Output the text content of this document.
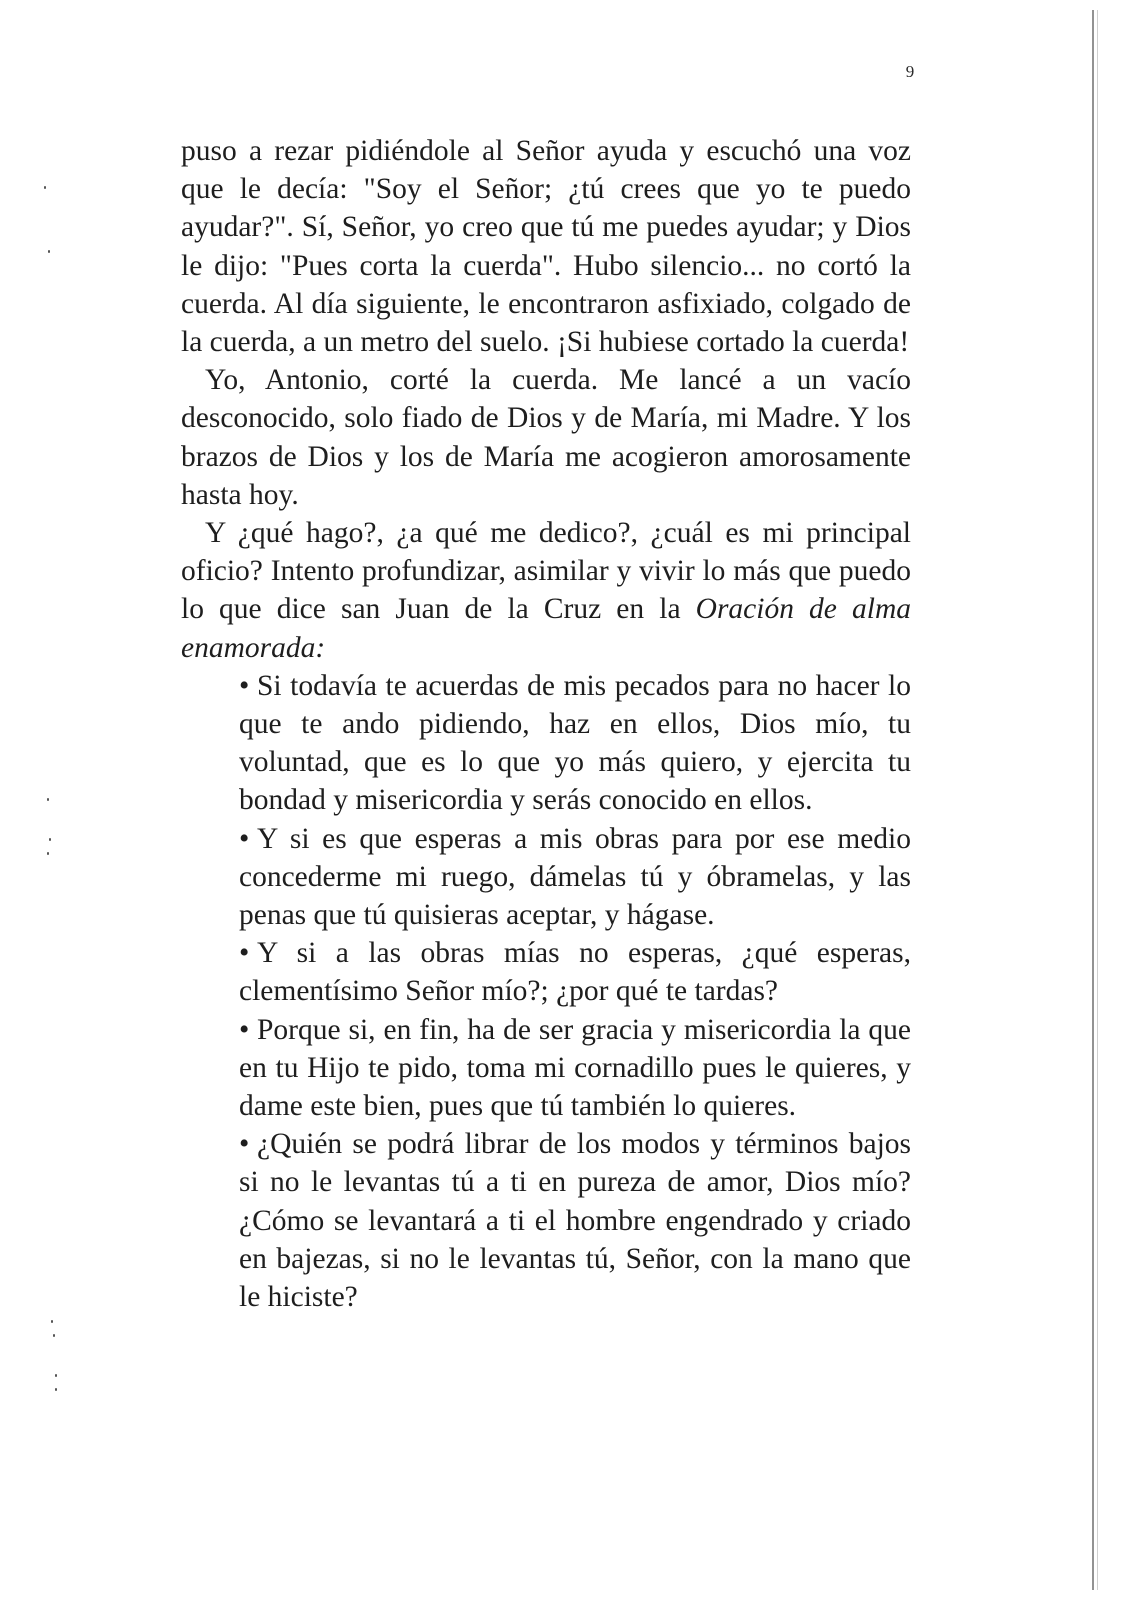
9

puso a rezar pidiéndole al Señor ayuda y escuchó una voz que le decía: "Soy el Señor; ¿tú crees que yo te puedo ayudar?". Sí, Señor, yo creo que tú me puedes ayudar; y Dios le dijo: "Pues corta la cuerda". Hubo silencio... no cortó la cuerda. Al día siguiente, le encontraron asfixiado, colgado de la cuerda, a un metro del suelo. ¡Si hubiese cortado la cuerda!

Yo, Antonio, corté la cuerda. Me lancé a un vacío desconocido, solo fiado de Dios y de María, mi Madre. Y los brazos de Dios y los de María me acogieron amorosamente hasta hoy.

Y ¿qué hago?, ¿a qué me dedico?, ¿cuál es mi principal oficio? Intento profundizar, asimilar y vivir lo más que puedo lo que dice san Juan de la Cruz en la Oración de alma enamorada:

• Si todavía te acuerdas de mis pecados para no hacer lo que te ando pidiendo, haz en ellos, Dios mío, tu voluntad, que es lo que yo más quiero, y ejercita tu bondad y misericordia y serás conocido en ellos.
• Y si es que esperas a mis obras para por ese medio concederme mi ruego, dámelas tú y óbramelas, y las penas que tú quisieras aceptar, y hágase.
• Y si a las obras mías no esperas, ¿qué esperas, clementísimo Señor mío?; ¿por qué te tardas?
• Porque si, en fin, ha de ser gracia y misericordia la que en tu Hijo te pido, toma mi cornadillo pues le quieres, y dame este bien, pues que tú también lo quieres.
• ¿Quién se podrá librar de los modos y términos bajos si no le levantas tú a ti en pureza de amor, Dios mío? ¿Cómo se levantará a ti el hombre engendrado y criado en bajezas, si no le levantas tú, Señor, con la mano que le hiciste?
